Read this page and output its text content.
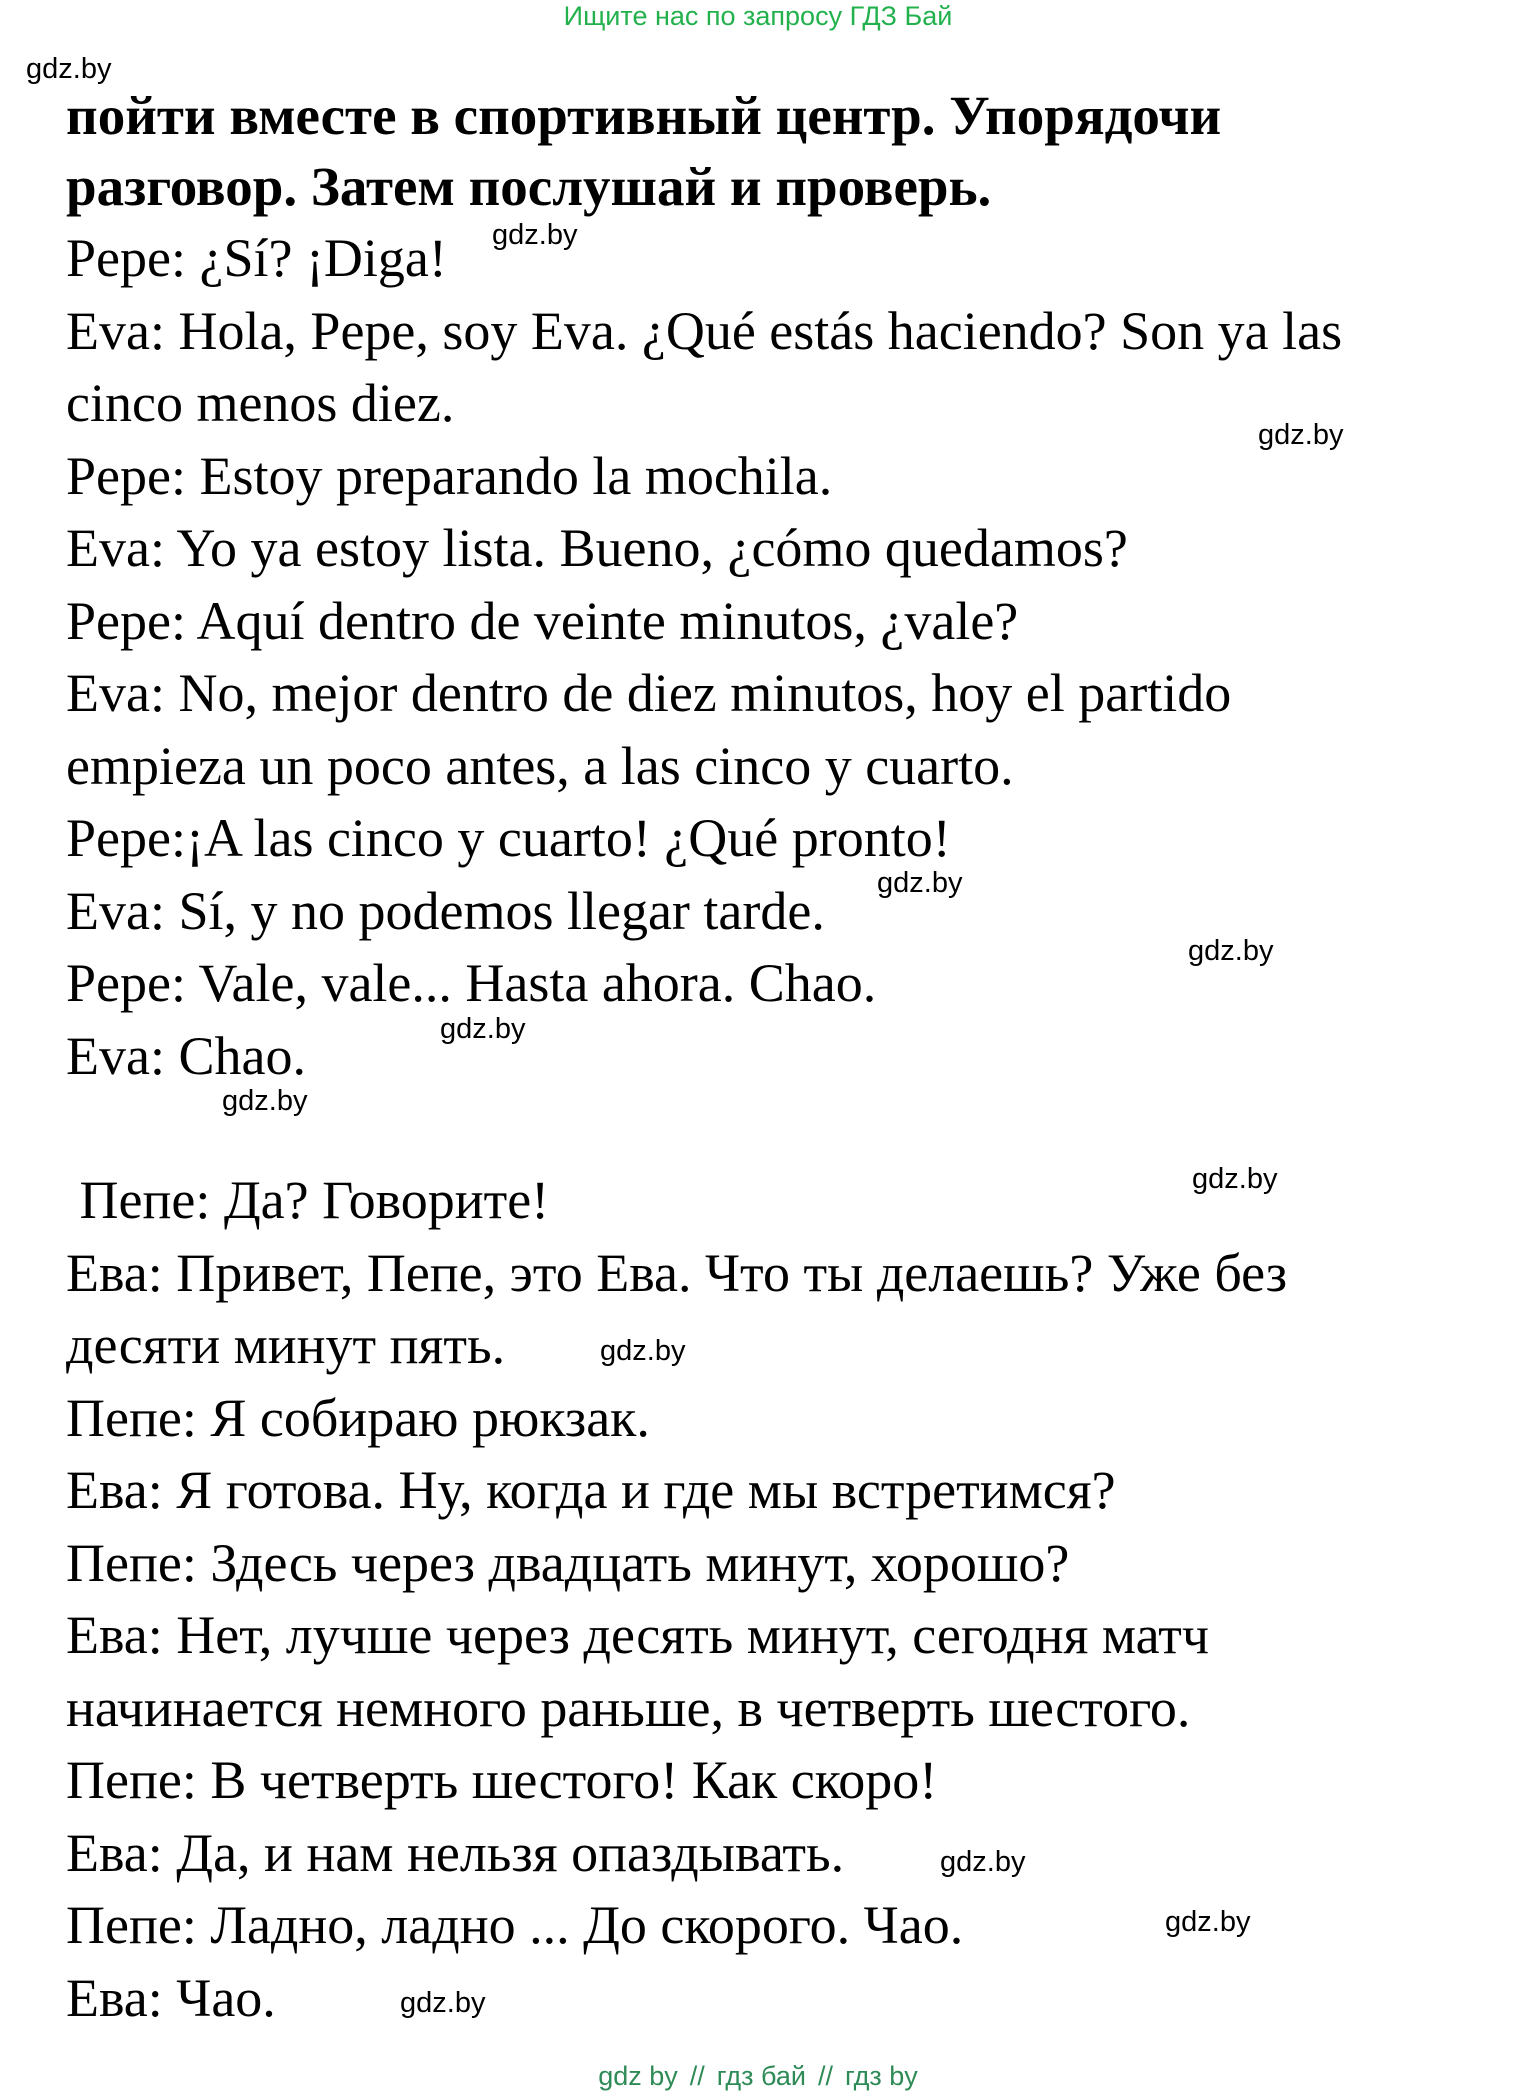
Ищите нас по запросу ГДЗ Бай
gdz.by
пойти вместе в спортивный центр. Упорядочи
разговор. Затем послушай и проверь.
Pepe: ¿Sí? ¡Diga!
Eva: Hola, Pepe, soy Eva. ¿Qué estás haciendo? Son ya las
cinco menos diez.
Pepe: Estoy preparando la mochila.
Eva: Yo ya estoy lista. Bueno, ¿cómo quedamos?
Pepe: Aquí dentro de veinte minutos, ¿vale?
Eva: No, mejor dentro de diez minutos, hoy el partido
empieza un poco antes, a las cinco y cuarto.
Pepe:¡A las cinco y cuarto! ¿Qué pronto!
Eva: Sí, y no podemos llegar tarde.
Pepe: Vale, vale... Hasta ahora. Chao.
Eva: Chao.
Пепе: Да? Говорите!
Ева: Привет, Пепе, это Ева. Что ты делаешь? Уже без
десяти минут пять.
Пепе: Я собираю рюкзак.
Ева: Я готова. Ну, когда и где мы встретимся?
Пепе: Здесь через двадцать минут, хорошо?
Ева: Нет, лучше через десять минут, сегодня матч
начинается немного раньше, в четверть шестого.
Пепе: В четверть шестого! Как скоро!
Ева: Да, и нам нельзя опаздывать.
Пепе: Ладно, ладно ... До скорого. Чао.
Ева: Чао.
gdz.by
gdz.by
gdz.by
gdz.by
gdz.by
gdz.by
gdz.by
gdz.by
gdz.by
gdz.by
gdz.by
gdz by // гдз бай // гдз by
